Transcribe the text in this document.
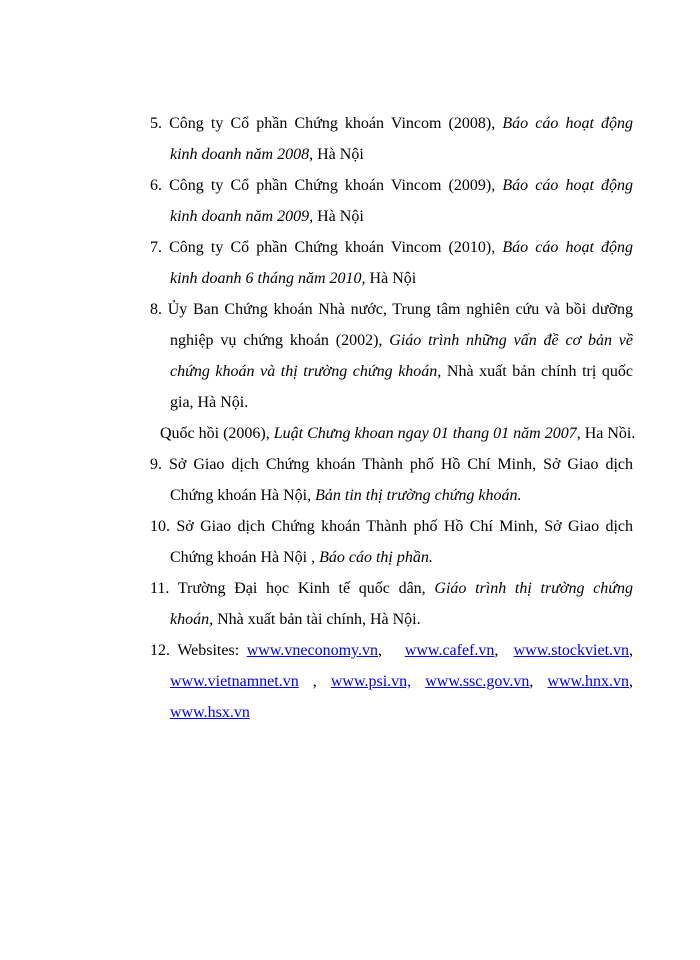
5. Công ty Cổ phần Chứng khoán Vincom (2008), Báo cáo hoạt động
kinh doanh năm 2008, Hà Nội
6. Công ty Cổ phần Chứng khoán Vincom (2009), Báo cáo hoạt động
kinh doanh năm 2009, Hà Nội
7. Công ty Cổ phần Chứng khoán Vincom (2010), Báo cáo hoạt động
kinh doanh 6 tháng năm 2010, Hà Nội
8. Ủy Ban Chứng khoán Nhà nước, Trung tâm nghiên cứu và bồi dưỡng
nghiệp vụ chứng khoán (2002), Giáo trình những vấn đề cơ bản về
chứng khoán và thị trường chứng khoán, Nhà xuất bản chính trị quốc
gia, Hà Nội.
Quốc hồi (2006), Luật Chưng khoan ngay 01 thang 01 năm 2007, Ha Nồi.
9. Sở Giao dịch Chứng khoán Thành phố Hồ Chí Minh, Sở Giao dịch
Chứng khoán Hà Nội, Bản tin thị trường chứng khoán.
10. Sở Giao dịch Chứng khoán Thành phố Hồ Chí Minh, Sở Giao dịch
Chứng khoán Hà Nội , Báo cáo thị phần.
11. Trường Đại học Kinh tế quốc dân, Giáo trình thị trường chứng
khoán, Nhà xuất bản tài chính, Hà Nội.
12. Websites: www.vneconomy.vn,   www.cafef.vn,  www.stockviet.vn,
www.vietnamnet.vn , www.psi.vn, www.ssc.gov.vn, www.hnx.vn,
www.hsx.vn
